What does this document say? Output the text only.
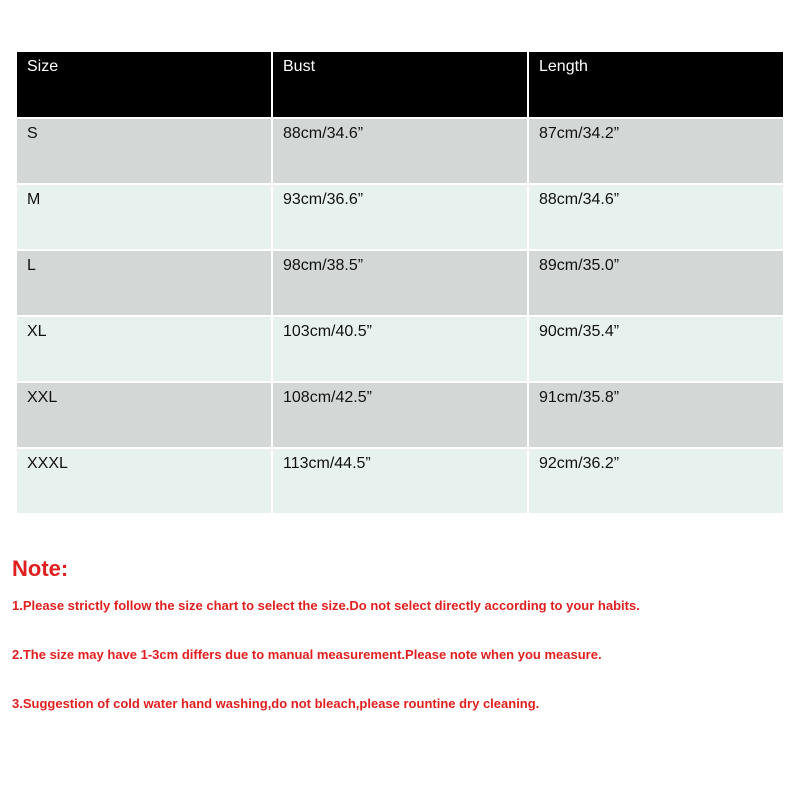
Size	Bust	Length
S	88cm/34.6”	87cm/34.2”
M	93cm/36.6”	88cm/34.6”
L	98cm/38.5”	89cm/35.0”
XL	103cm/40.5”	90cm/35.4”
XXL	108cm/42.5”	91cm/35.8”
XXXL	113cm/44.5”	92cm/36.2”
Note:

1.Please strictly follow the size chart to select the size.Do not select directly according to your habits.

2.The size may have 1-3cm differs due to manual measurement.Please note when you measure.

3.Suggestion of cold water hand washing,do not bleach,please rountine dry cleaning.
